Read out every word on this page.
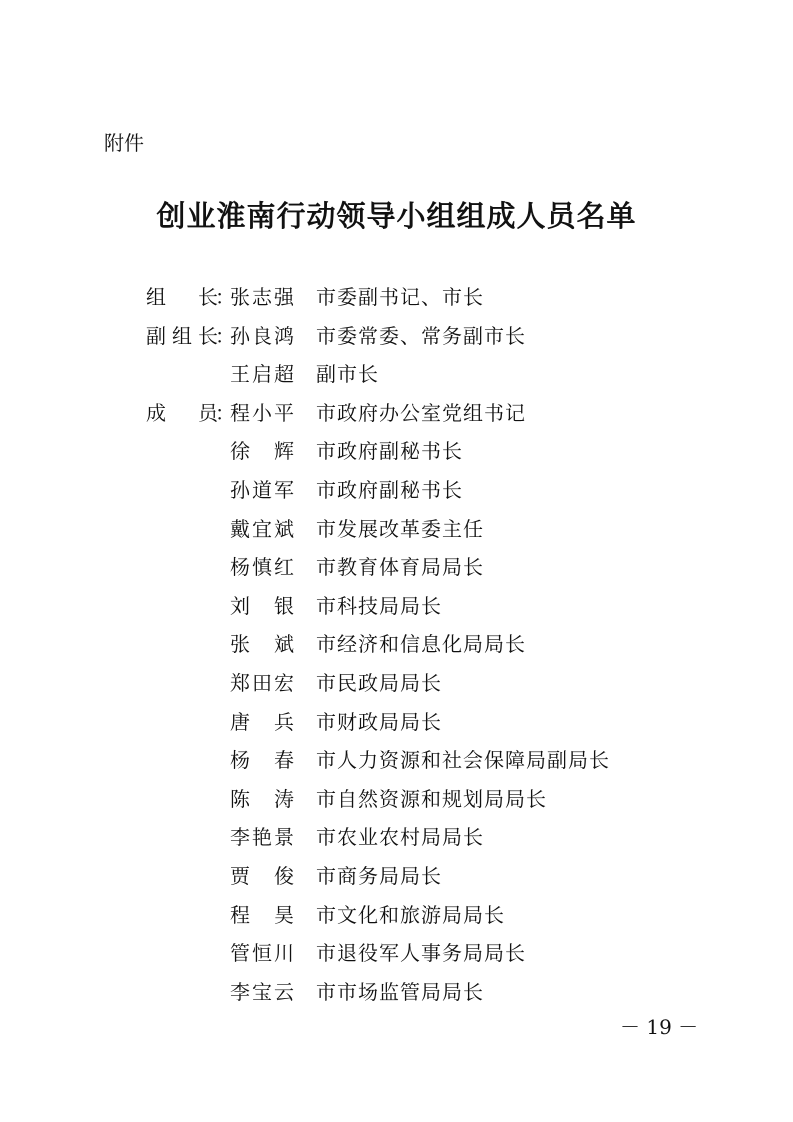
附件
创业淮南行动领导小组组成人员名单
组 长
：
张 志 强 市委副书记、市长
副 组 长
：
孙 良 鸿 市委常委、常务副市长
王 启 超 副市长
成 员
：
程 小 平 市政府办公室党组书记
徐 辉 市政府副秘书长
孙 道 军 市政府副秘书长
戴 宜 斌 市发展改革委主任
杨 慎 红 市教育体育局局长
刘 银 市科技局局长
张 斌 市经济和信息化局局长
郑 田 宏 市民政局局长
唐 兵 市财政局局长
杨 春 市人力资源和社会保障局副局长
陈 涛 市自然资源和规划局局长
李 艳 景 市农业农村局局长
贾 俊 市商务局局长
程 昊 市文化和旅游局局长
管 恒 川 市退役军人事务局局长
李 宝 云 市市场监管局局长
－ 19 －
